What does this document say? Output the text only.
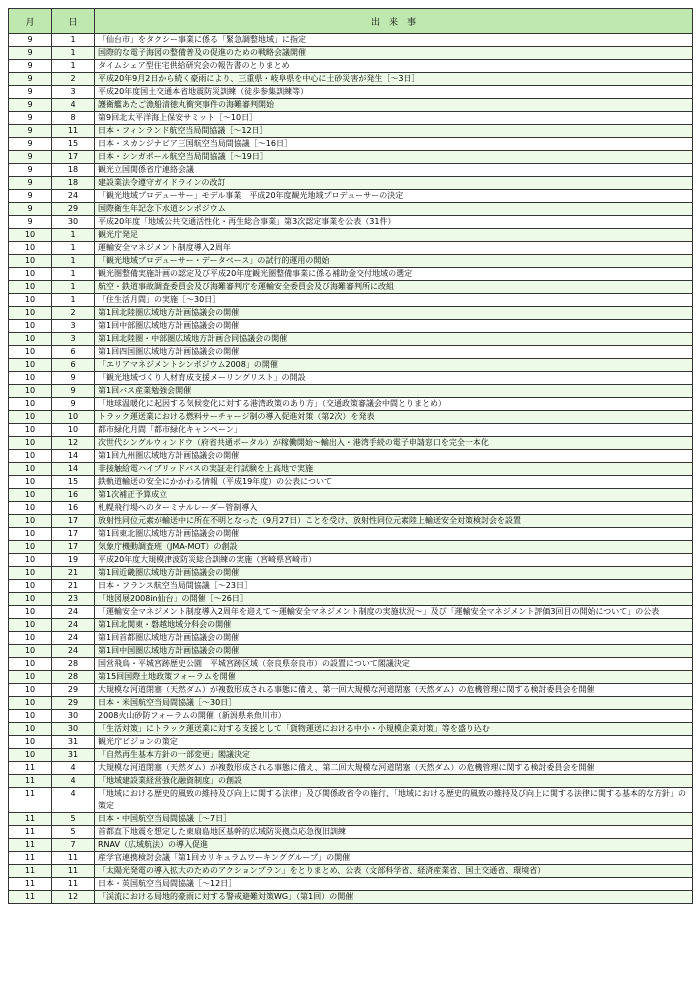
月	日	出　来　事
9	1	「仙台市」をタクシー事業に係る「緊急調整地域」に指定
9	1	国際的な電子海図の整備普及の促進のための戦略会議開催
9	1	タイムシェア型住宅供給研究会の報告書のとりまとめ
9	2	平成20年9月2日から続く豪雨により、三重県・岐阜県を中心に土砂災害が発生［～3日］
9	3	平成20年度国土交通本省地震防災訓練（徒歩参集訓練等）
9	4	護衛艦あたご漁船清徳丸衝突事件の海難審判開始
9	8	第9回北太平洋海上保安サミット［～10日］
9	11	日本・フィンランド航空当局間協議［～12日］
9	15	日本・スカンジナビア三国航空当局間協議［～16日］
9	17	日本・シンガポール航空当局間協議［～19日］
9	18	観光立国関係省庁連絡会議
9	18	建設業法令遵守ガイドラインの改訂
9	24	「観光地域プロデューサー」モデル事業　平成20年度観光地域プロデューサーの決定
9	29	国際衛生年記念下水道シンポジウム
9	30	平成20年度「地域公共交通活性化・再生総合事業」第3次認定事業を公表（31件）
10	1	観光庁発足
10	1	運輸安全マネジメント制度導入2周年
10	1	「観光地域プロデューサー・データベース」の試行的運用の開始
10	1	観光圏整備実施計画の認定及び平成20年度観光圏整備事業に係る補助金交付地域の選定
10	1	航空・鉄道事故調査委員会及び海難審判庁を運輸安全委員会及び海難審判所に改組
10	1	「住生活月間」の実施［～30日］
10	2	第1回北陸圏広域地方計画協議会の開催
10	3	第1回中部圏広域地方計画協議会の開催
10	3	第1回北陸圏・中部圏広域地方計画合同協議会の開催
10	6	第1回四国圏広域地方計画協議会の開催
10	6	「エリアマネジメントシンポジウム2008」の開催
10	9	「観光地域づくり人材育成支援メーリングリスト」の開設
10	9	第1回バス産業勉強会開催
10	9	「地球温暖化に起因する気候変化に対する港湾政策のあり方」（交通政策審議会中間とりまとめ）
10	10	トラック運送業における燃料サーチャージ制の導入促進対策（第2次）を発表
10	10	都市緑化月間「都市緑化キャンペーン」
10	12	次世代シングルウィンドウ（府省共通ポータル）が稼働開始～輸出入・港湾手続の電子申請窓口を完全一本化
10	14	第1回九州圏広域地方計画協議会の開催
10	14	非接触給電ハイブリッドバスの実証走行試験を上高地で実施
10	15	鉄軌道輸送の安全にかかわる情報（平成19年度）の公表について
10	16	第1次補正予算成立
10	16	札幌飛行場へのターミナルレーダー管制導入
10	17	放射性同位元素が輸送中に所在不明となった（9月27日）ことを受け、放射性同位元素陸上輸送安全対策検討会を設置
10	17	第1回東北圏広域地方計画協議会の開催
10	17	気象庁機動調査班（JMA-MOT）の創設
10	19	平成20年度大規模津波防災総合訓練の実施（宮崎県宮崎市）
10	21	第1回近畿圏広域地方計画協議会の開催
10	21	日本・フランス航空当局間協議［～23日］
10	23	「地図展2008in仙台」の開催［～26日］
10	24	「運輸安全マネジメント制度導入2周年を迎えて～運輸安全マネジメント制度の実施状況～」及び「運輸安全マネジメント評価3回目の開始について」の公表
10	24	第1回北関東・磐越地域分科会の開催
10	24	第1回首都圏広域地方計画協議会の開催
10	24	第1回中国圏広域地方計画協議会の開催
10	28	国営飛鳥・平城宮跡歴史公園　平城宮跡区域（奈良県奈良市）の設置について閣議決定
10	28	第15回国際土地政策フォーラムを開催
10	29	大規模な河道閉塞（天然ダム）が複数形成される事態に備え、第一回大規模な河道閉塞（天然ダム）の危機管理に関する検討委員会を開催
10	29	日本・米国航空当局間協議［～30日］
10	30	2008火山砂防フォーラムの開催（新潟県糸魚川市）
10	30	「生活対策」にトラック運送業に対する支援として「貨物運送における中小・小規模企業対策」等を盛り込む
10	31	観光庁ビジョンの策定
10	31	「自然再生基本方針の一部変更」閣議決定
11	4	大規模な河道閉塞（天然ダム）が複数形成される事態に備え、第二回大規模な河道閉塞（天然ダム）の危機管理に関する検討委員会を開催
11	4	「地域建設業経営強化融資制度」の創設
11	4	「地域における歴史的風致の維持及び向上に関する法律」及び関係政省令の施行、「地域における歴史的風致の維持及び向上に関する法律に関する基本的な方針」の策定
11	5	日本・中国航空当局間協議［～7日］
11	5	首都直下地震を想定した東扇島地区基幹的広域防災拠点応急復旧訓練
11	7	RNAV（広域航法）の導入促進
11	11	産学官連携検討会議「第1回カリキュラムワーキンググループ」の開催
11	11	「太陽光発電の導入拡大のためのアクションプラン」をとりまとめ、公表（文部科学省、経済産業省、国土交通省、環境省）
11	11	日本・英国航空当局間協議［～12日］
11	12	「渓流における局地的豪雨に対する警戒避難対策WG」（第1回）の開催
